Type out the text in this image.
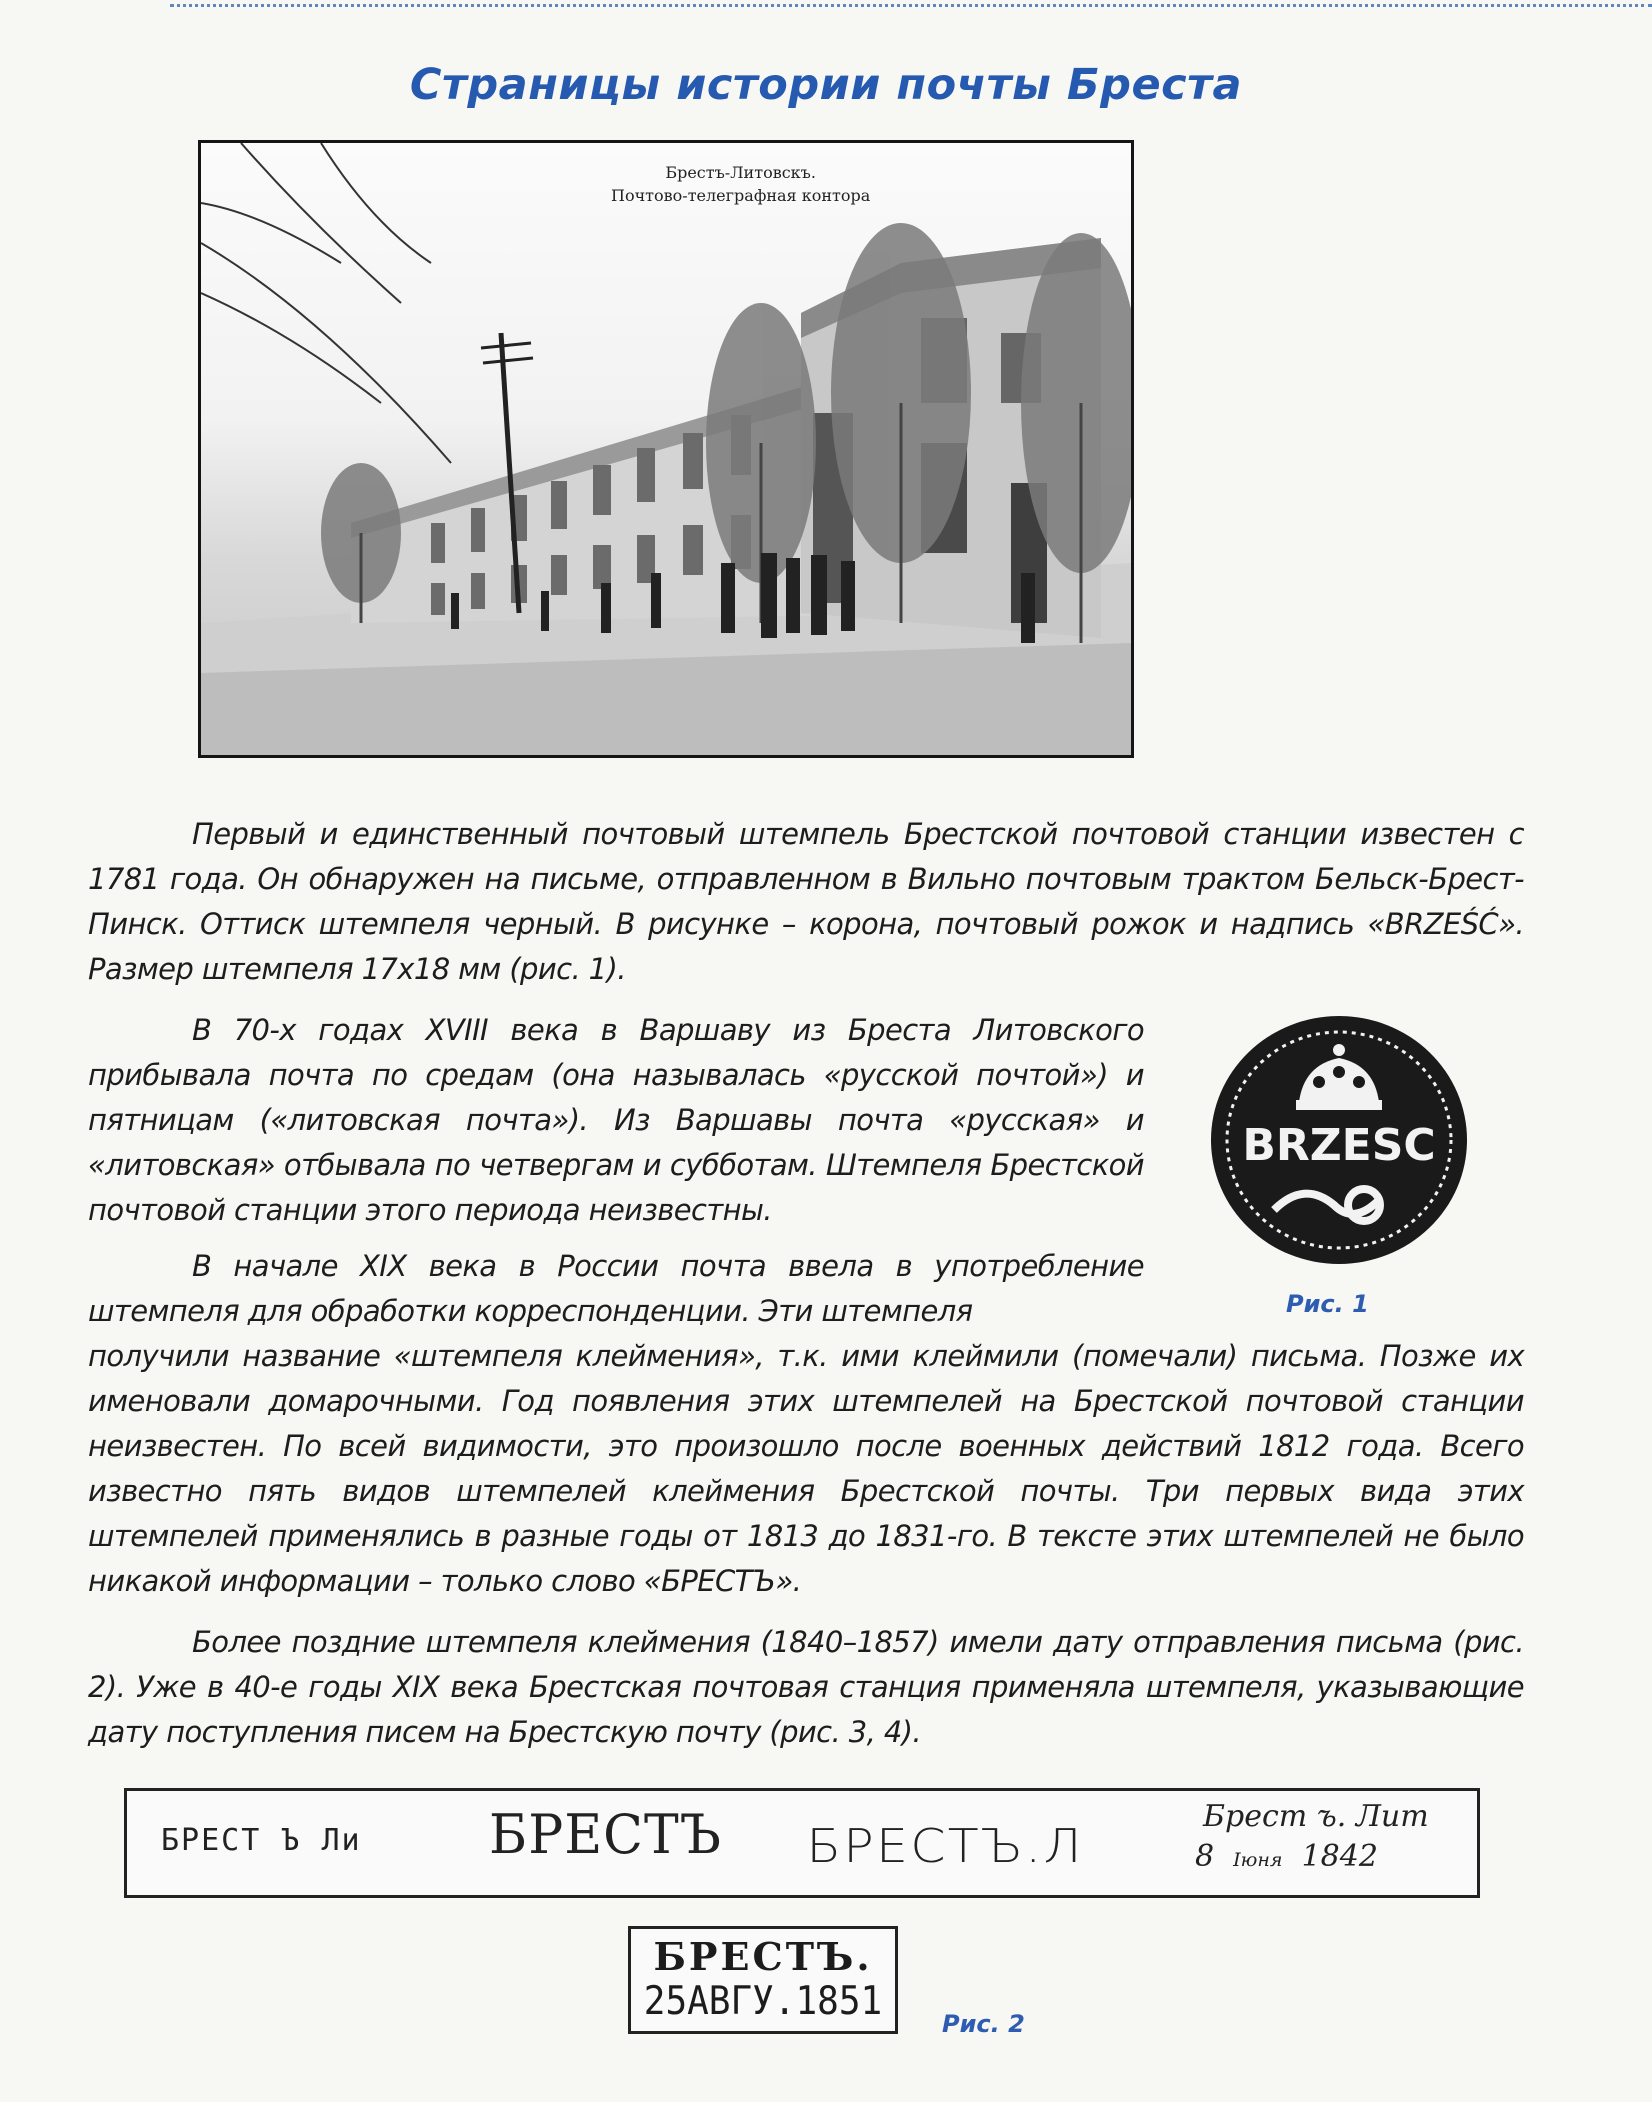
Страницы истории почты Бреста
Брестъ-Литовскъ.
Почтово-телеграфная контора

Первый и единственный почтовый штемпель Брестской почтовой станции известен с 1781 года. Он обнаружен на письме, отправленном в Вильно почтовым трактом Бельск-Брест-Пинск. Оттиск штемпеля черный. В рисунке – корона, почтовый рожок и надпись «BRZEŚĆ». Размер штемпеля 17х18 мм (рис. 1).

В 70-х годах XVIII века в Варшаву из Бреста Литовского прибывала почта по средам (она называлась «русской почтой») и пятницам («литовская почта»). Из Варшавы почта «русская» и «литовская» отбывала по четвергам и субботам. Штемпеля Брестской почтовой станции этого периода неизвестны.

В начале XIX века в России почта ввела в употребление штемпеля для обработки корреспонденции. Эти штемпеля

получили название «штемпеля клеймения», т.к. ими клеймили (помечали) письма. Позже их именовали домарочными. Год появления этих штемпелей на Брестской почтовой станции неизвестен. По всей видимости, это произошло после военных действий 1812 года. Всего известно пять видов штемпелей клеймения Брестской почты. Три первых вида этих штемпелей применялись в разные годы от 1813 до 1831-го. В тексте этих штемпелей не было никакой информации – только слово «БРЕСТЪ».

Более поздние штемпеля клеймения (1840–1857) имели дату отправления письма (рис. 2). Уже в 40-е годы XIX века Брестская почтовая станция применяла штемпеля, указывающие дату поступления писем на Брестскую почту (рис. 3, 4).

BRZESC
Рис. 1
БРЕСТ Ъ Ли БРЕСТЪ БРЕСТЪ.Л
Брест ъ. Лит
8 Iюня 1842
БРЕСТЪ.
25АВГУ.1851	Рис. 2
